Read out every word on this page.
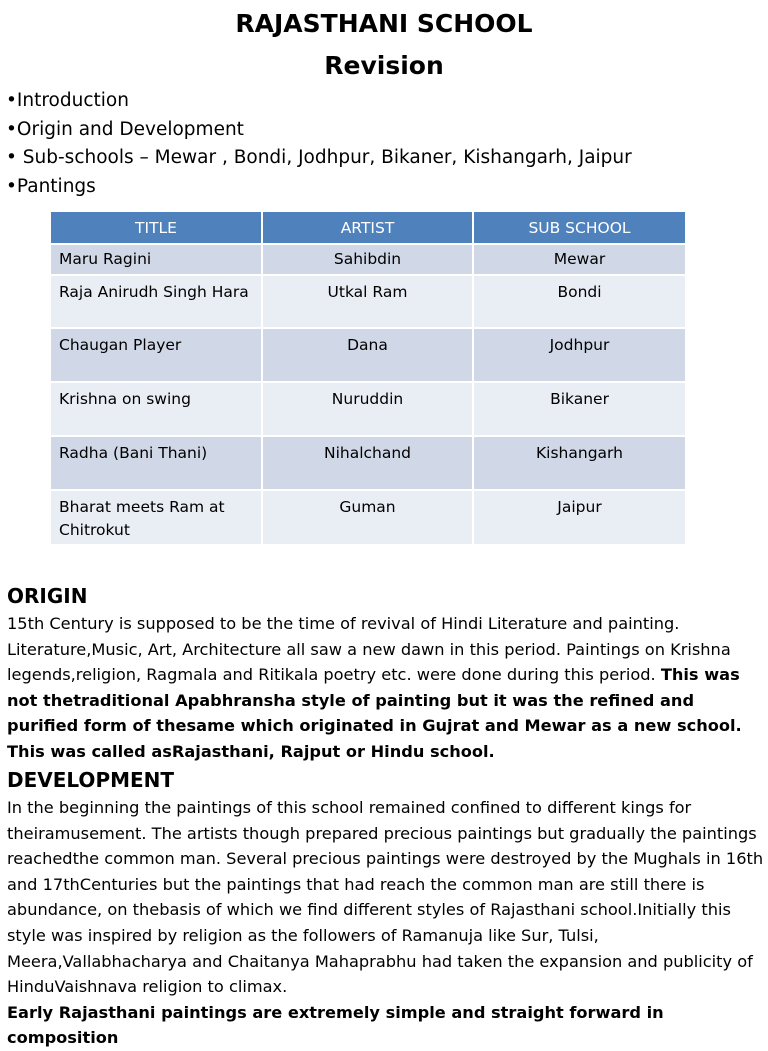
RAJASTHANI SCHOOL
Revision
•Introduction
•Origin and Development
• Sub-schools – Mewar , Bondi, Jodhpur, Bikaner, Kishangarh, Jaipur
•Pantings
TITLE	ARTIST	SUB SCHOOL
Maru Ragini	Sahibdin	Mewar
Raja Anirudh Singh Hara	Utkal Ram	Bondi
Chaugan Player	Dana	Jodhpur
Krishna on swing	Nuruddin	Bikaner
Radha (Bani Thani)	Nihalchand	Kishangarh
Bharat meets Ram at Chitrokut	Guman	Jaipur
ORIGIN
15th Century is supposed to be the time of revival of Hindi Literature and painting. Literature,Music, Art, Architecture all saw a new dawn in this period. Paintings on Krishna legends,religion, Ragmala and Ritikala poetry etc. were done during this period. This was not thetraditional Apabhransha style of painting but it was the refined and purified form of thesame which originated in Gujrat and Mewar as a new school. This was called asRajasthani, Rajput or Hindu school.
DEVELOPMENT
In the beginning the paintings of this school remained confined to different kings for theiramusement. The artists though prepared precious paintings but gradually the paintings reachedthe common man. Several precious paintings were destroyed by the Mughals in 16th and 17thCenturies but the paintings that had reach the common man are still there is abundance, on thebasis of which we find different styles of Rajasthani school.Initially this style was inspired by religion as the followers of Ramanuja like Sur, Tulsi, Meera,Vallabhacharya and Chaitanya Mahaprabhu had taken the expansion and publicity of HinduVaishnava religion to climax.
Early Rajasthani paintings are extremely simple and straight forward in composition
